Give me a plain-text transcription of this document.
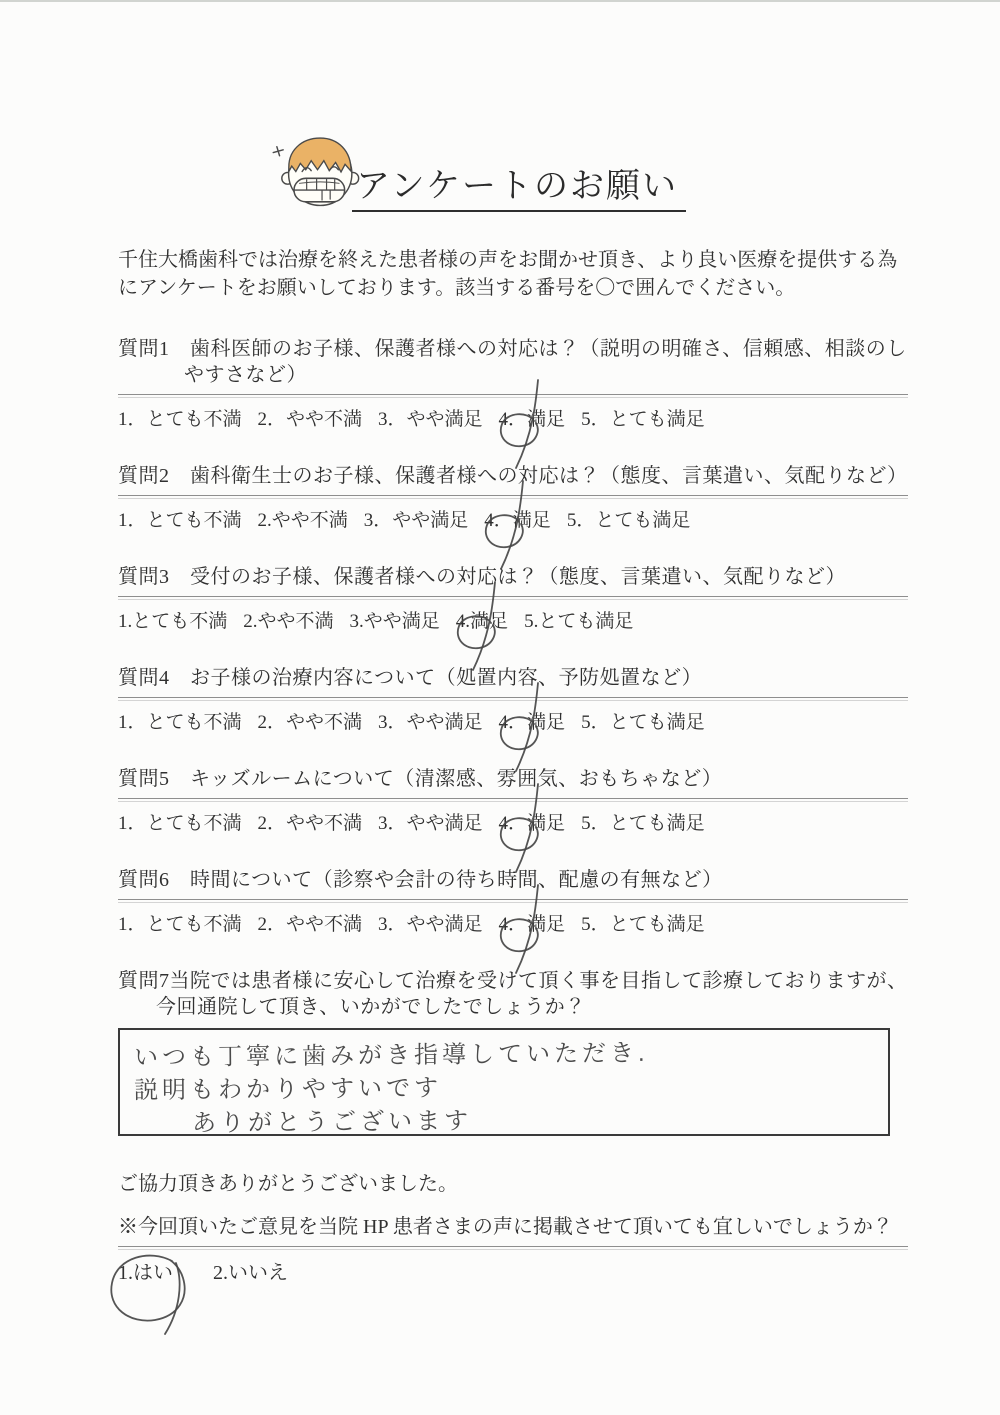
アンケートのお願い
千住大橋歯科では治療を終えた患者様の声をお聞かせ頂き、より良い医療を提供する為
にアンケートをお願いしております。該当する番号を〇で囲んでください。
質問1　歯科医師のお子様、保護者様への対応は？（説明の明確さ、信頼感、相談のし
やすさなど）
1．とても不満 2．やや不満 3．やや満足 4．満足 5．とても満足
質問2　歯科衛生士のお子様、保護者様への対応は？（態度、言葉遣い、気配りなど）
1．とても不満 2.やや不満 3．やや満足 4．満足 5．とても満足
質問3　受付のお子様、保護者様への対応は？（態度、言葉遣い、気配りなど）
1.とても不満 2.やや不満 3.やや満足 4.満足 5.とても満足
質問4　お子様の治療内容について（処置内容、予防処置など）
1．とても不満 2．やや不満 3．やや満足 4．満足 5．とても満足
質問5　キッズルームについて（清潔感、雰囲気、おもちゃなど）
1．とても不満 2．やや不満 3．やや満足 4．満足 5．とても満足
質問6　時間について（診察や会計の待ち時間、配慮の有無など）
1．とても不満 2．やや不満 3．やや満足 4．満足 5．とても満足
質問7当院では患者様に安心して治療を受けて頂く事を目指して診療しておりますが、
今回通院して頂き、いかがでしたでしょうか？
いつも丁寧に歯みがき指導していただき.
説明もわかりやすいです
ありがとうございます
ご協力頂きありがとうございました。
※今回頂いたご意見を当院 HP 患者さまの声に掲載させて頂いても宜しいでしょうか？
1.はい 2.いいえ
